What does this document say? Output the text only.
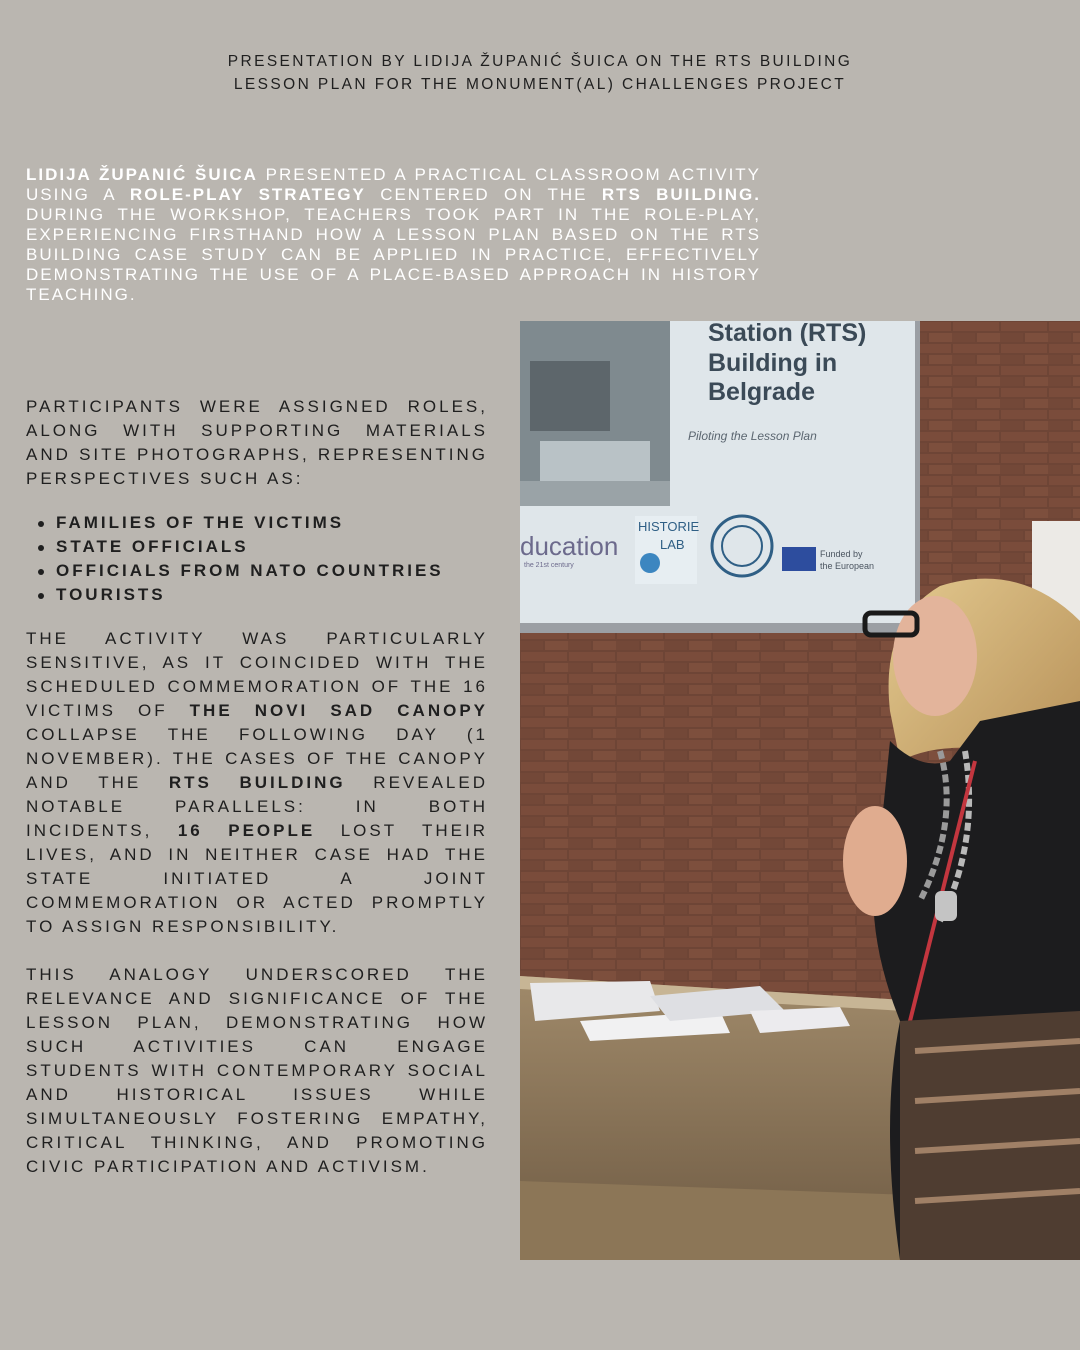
PRESENTATION BY LIDIJA ŽUPANIĆ ŠUICA ON THE RTS BUILDING
LESSON PLAN FOR THE MONUMENT(AL) CHALLENGES PROJECT
LIDIJA ŽUPANIĆ ŠUICA PRESENTED A PRACTICAL CLASSROOM ACTIVITY USING A ROLE-PLAY STRATEGY CENTERED ON THE RTS BUILDING. DURING THE WORKSHOP, TEACHERS TOOK PART IN THE ROLE-PLAY, EXPERIENCING FIRSTHAND HOW A LESSON PLAN BASED ON THE RTS BUILDING CASE STUDY CAN BE APPLIED IN PRACTICE, EFFECTIVELY DEMONSTRATING THE USE OF A PLACE-BASED APPROACH IN HISTORY TEACHING.

PARTICIPANTS WERE ASSIGNED ROLES, ALONG WITH SUPPORTING MATERIALS AND SITE PHOTOGRAPHS, REPRESENTING PERSPECTIVES SUCH AS:

FAMILIES OF THE VICTIMS
STATE OFFICIALS
OFFICIALS FROM NATO COUNTRIES
TOURISTS

THE ACTIVITY WAS PARTICULARLY SENSITIVE, AS IT COINCIDED WITH THE SCHEDULED COMMEMORATION OF THE 16 VICTIMS OF THE NOVI SAD CANOPY COLLAPSE THE FOLLOWING DAY (1 NOVEMBER). THE CASES OF THE CANOPY AND THE RTS BUILDING REVEALED NOTABLE PARALLELS: IN BOTH INCIDENTS, 16 PEOPLE LOST THEIR LIVES, AND IN NEITHER CASE HAD THE STATE INITIATED A JOINT COMMEMORATION OR ACTED PROMPTLY TO ASSIGN RESPONSIBILITY.

THIS ANALOGY UNDERSCORED THE RELEVANCE AND SIGNIFICANCE OF THE LESSON PLAN, DEMONSTRATING HOW SUCH ACTIVITIES CAN ENGAGE STUDENTS WITH CONTEMPORARY SOCIAL AND HISTORICAL ISSUES WHILE SIMULTANEOUSLY FOSTERING EMPATHY, CRITICAL THINKING, AND PROMOTING CIVIC PARTICIPATION AND ACTIVISM.

Station (RTS)
Building in
Belgrade
Piloting the Lesson Plan
ducation
the 21st century
HISTORIE
LAB
Funded by
the European
